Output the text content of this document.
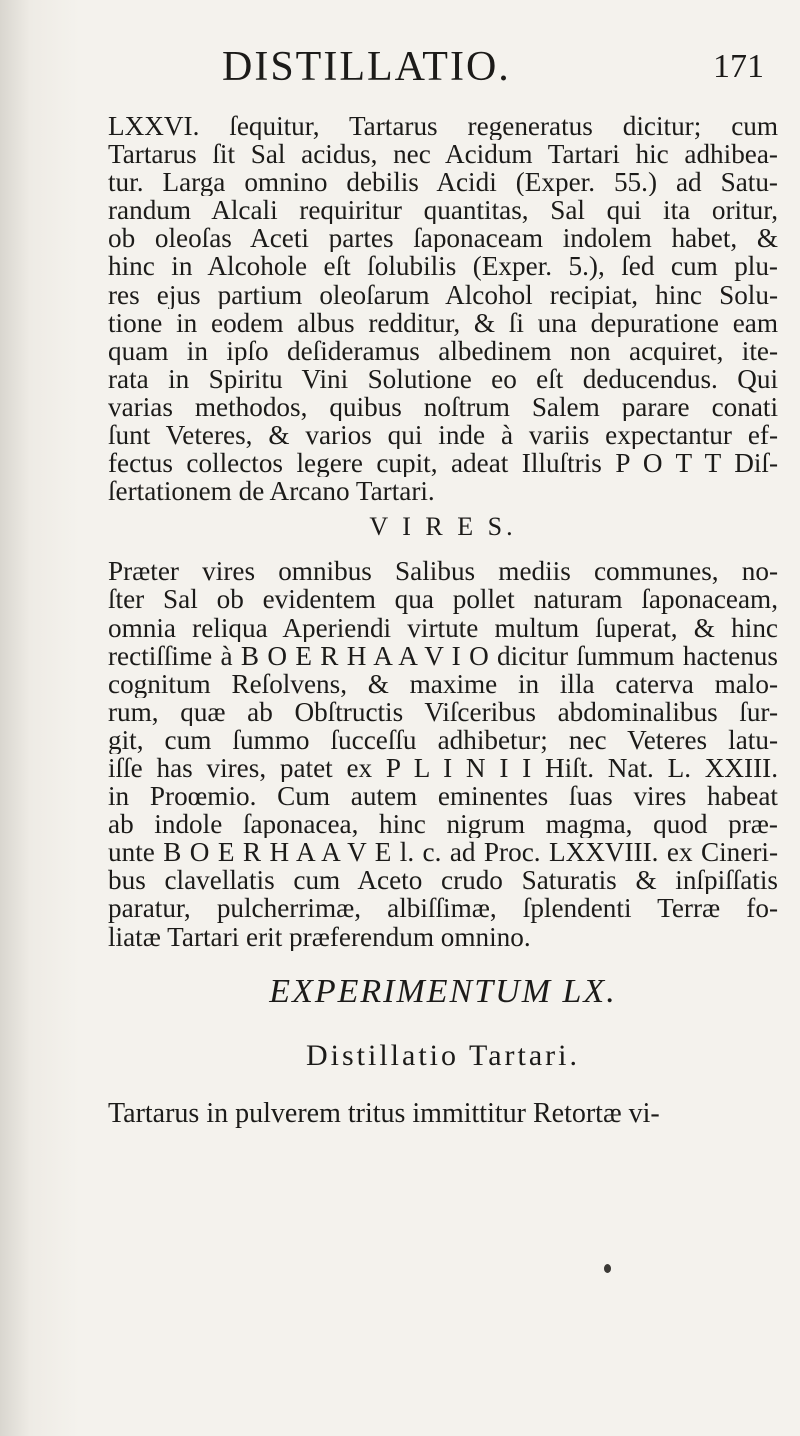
DISTILLATIO.	171

LXXVI. ſequitur, Tartarus regeneratus dicitur; cum
Tartarus ſit Sal acidus, nec Acidum Tartari hic adhibea-
tur. Larga omnino debilis Acidi (Exper. 55.) ad Satu-
randum Alcali requiritur quantitas, Sal qui ita oritur,
ob oleoſas Aceti partes ſaponaceam indolem habet, &
hinc in Alcohole eſt ſolubilis (Exper. 5.), ſed cum plu-
res ejus partium oleoſarum Alcohol recipiat, hinc Solu-
tione in eodem albus redditur, & ſi una depuratione eam
quam in ipſo deſideramus albedinem non acquiret, ite-
rata in Spiritu Vini Solutione eo eſt deducendus. Qui
varias methodos, quibus noſtrum Salem parare conati
ſunt Veteres, & varios qui inde à variis expectantur ef-
fectus collectos legere cupit, adeat Illuſtris P O T T Diſ-
ſertationem de Arcano Tartari.

V I R E S.

Præter vires omnibus Salibus mediis communes, no-
ſter Sal ob evidentem qua pollet naturam ſaponaceam,
omnia reliqua Aperiendi virtute multum ſuperat, & hinc
rectiſſime à B O E R H A A V I O dicitur ſummum hactenus
cognitum Reſolvens, & maxime in illa caterva malo-
rum, quæ ab Obſtructis Viſceribus abdominalibus ſur-
git, cum ſummo ſucceſſu adhibetur; nec Veteres latu-
iſſe has vires, patet ex P L I N I I Hiſt. Nat. L. XXIII.
in Proœmio. Cum autem eminentes ſuas vires habeat
ab indole ſaponacea, hinc nigrum magma, quod præ-
unte B O E R H A A V E l. c. ad Proc. LXXVIII. ex Cineri-
bus clavellatis cum Aceto crudo Saturatis & inſpiſſatis
paratur, pulcherrimæ, albiſſimæ, ſplendenti Terræ fo-
liatæ Tartari erit præferendum omnino.

EXPERIMENTUM LX.
Distillatio Tartari.
Tartarus in pulverem tritus immittitur Retortæ vi-
